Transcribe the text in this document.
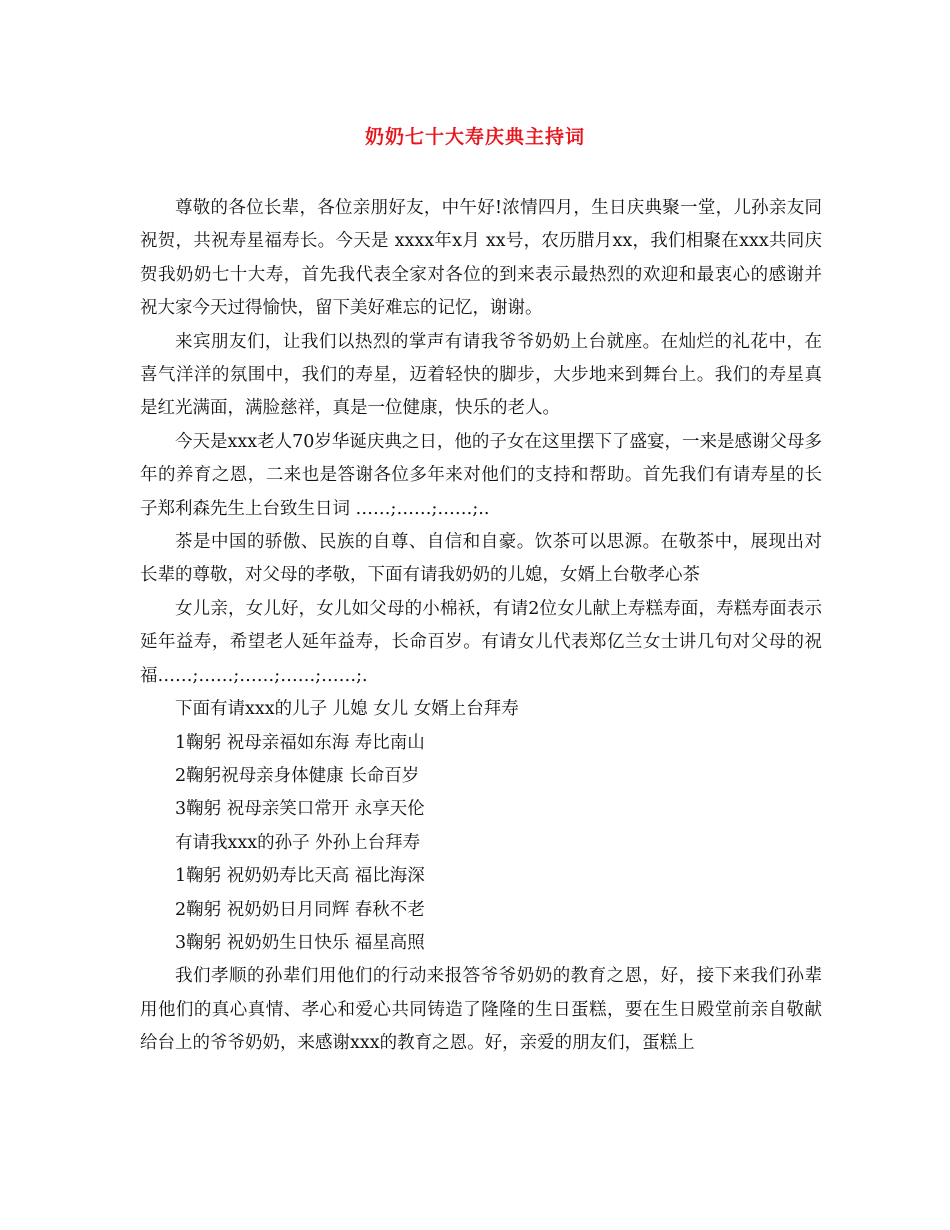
奶奶七十大寿庆典主持词

尊敬的各位长辈，各位亲朋好友，中午好!浓情四月，生日庆典聚一堂，儿孙亲友同祝贺，共祝寿星福寿长。今天是 xxxx年x月 xx号，农历腊月xx，我们相聚在xxx共同庆贺我奶奶七十大寿，首先我代表全家对各位的到来表示最热烈的欢迎和最衷心的感谢并祝大家今天过得愉快，留下美好难忘的记忆，谢谢。

来宾朋友们，让我们以热烈的掌声有请我爷爷奶奶上台就座。在灿烂的礼花中，在喜气洋洋的氛围中，我们的寿星，迈着轻快的脚步，大步地来到舞台上。我们的寿星真是红光满面，满脸慈祥，真是一位健康，快乐的老人。

今天是xxx老人70岁华诞庆典之日，他的子女在这里摆下了盛宴，一来是感谢父母多年的养育之恩，二来也是答谢各位多年来对他们的支持和帮助。首先我们有请寿星的长子郑利森先生上台致生日词 ……;……;……;..

茶是中国的骄傲、民族的自尊、自信和自豪。饮茶可以思源。在敬茶中，展现出对长辈的尊敬，对父母的孝敬，下面有请我奶奶的儿媳，女婿上台敬孝心茶

女儿亲，女儿好，女儿如父母的小棉袄，有请2位女儿献上寿糕寿面，寿糕寿面表示延年益寿，希望老人延年益寿，长命百岁。有请女儿代表郑亿兰女士讲几句对父母的祝 福……;……;……;……;……;.

下面有请xxx的儿子 儿媳 女儿 女婿上台拜寿

1鞠躬 祝母亲福如东海 寿比南山

2鞠躬祝母亲身体健康 长命百岁

3鞠躬 祝母亲笑口常开 永享天伦

有请我xxx的孙子 外孙上台拜寿

1鞠躬 祝奶奶寿比天高 福比海深

2鞠躬 祝奶奶日月同辉 春秋不老

3鞠躬 祝奶奶生日快乐 福星高照

我们孝顺的孙辈们用他们的行动来报答爷爷奶奶的教育之恩，好，接下来我们孙辈用他们的真心真情、孝心和爱心共同铸造了隆隆的生日蛋糕，要在生日殿堂前亲自敬献给台上的爷爷奶奶，来感谢xxx的教育之恩。好，亲爱的朋友们，蛋糕上
